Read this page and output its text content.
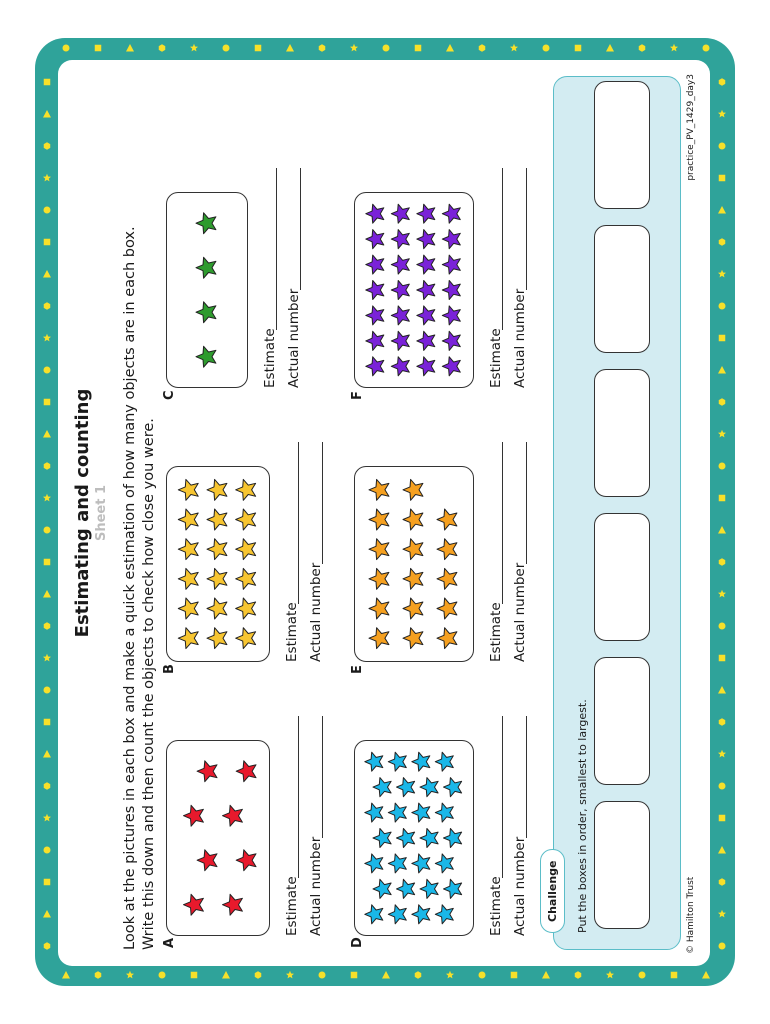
Estimating and counting Sheet 1 Look at the pictures in each box and make a quick estimation of how many objects are in each box. Write this down and then count the objects to check how close you were. A
Estimate Actual number
B
Estimate Actual number
C
Estimate Actual number
D
Estimate Actual number
E
Estimate Actual number
F
Estimate Actual number
Challenge	Put the boxes in order, smallest to largest.	© Hamilton Trust
practice_PV_1429_day3
